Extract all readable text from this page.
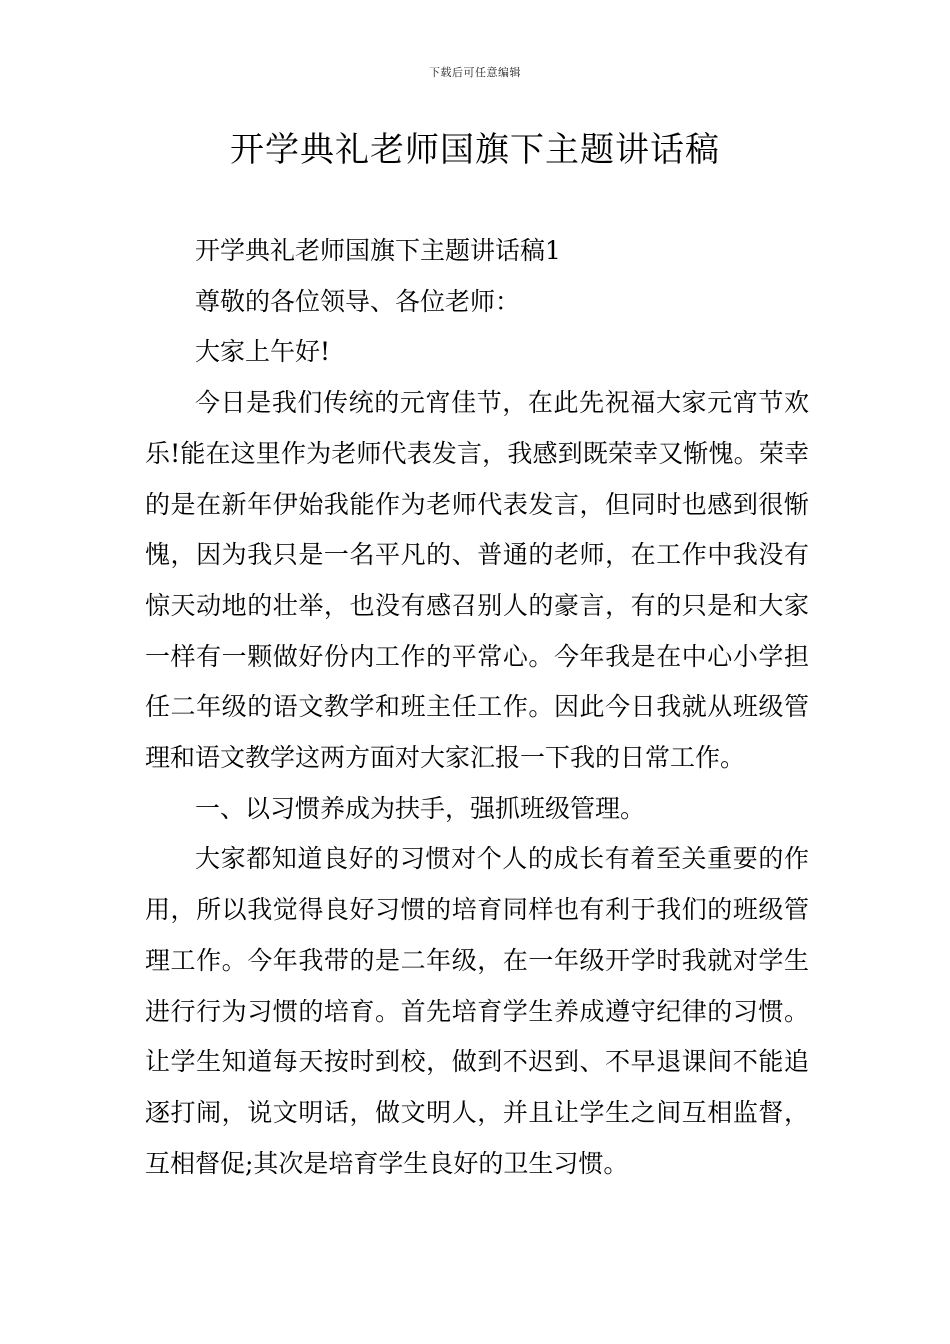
下载后可任意编辑
开学典礼老师国旗下主题讲话稿

开学典礼老师国旗下主题讲话稿1

尊敬的各位领导、各位老师：

大家上午好!

今日是我们传统的元宵佳节，在此先祝福大家元宵节欢乐!能在这里作为老师代表发言，我感到既荣幸又惭愧。荣幸的是在新年伊始我能作为老师代表发言，但同时也感到很惭愧，因为我只是一名平凡的、普通的老师，在工作中我没有惊天动地的壮举，也没有感召别人的豪言，有的只是和大家一样有一颗做好份内工作的平常心。今年我是在中心小学担任二年级的语文教学和班主任工作。因此今日我就从班级管理和语文教学这两方面对大家汇报一下我的日常工作。

一、以习惯养成为扶手，强抓班级管理。

大家都知道良好的习惯对个人的成长有着至关重要的作用，所以我觉得良好习惯的培育同样也有利于我们的班级管理工作。今年我带的是二年级，在一年级开学时我就对学生进行行为习惯的培育。首先培育学生养成遵守纪律的习惯。让学生知道每天按时到校，做到不迟到、不早退课间不能追逐打闹，说文明话，做文明人，并且让学生之间互相监督，互相督促;其次是培育学生良好的卫生习惯。
